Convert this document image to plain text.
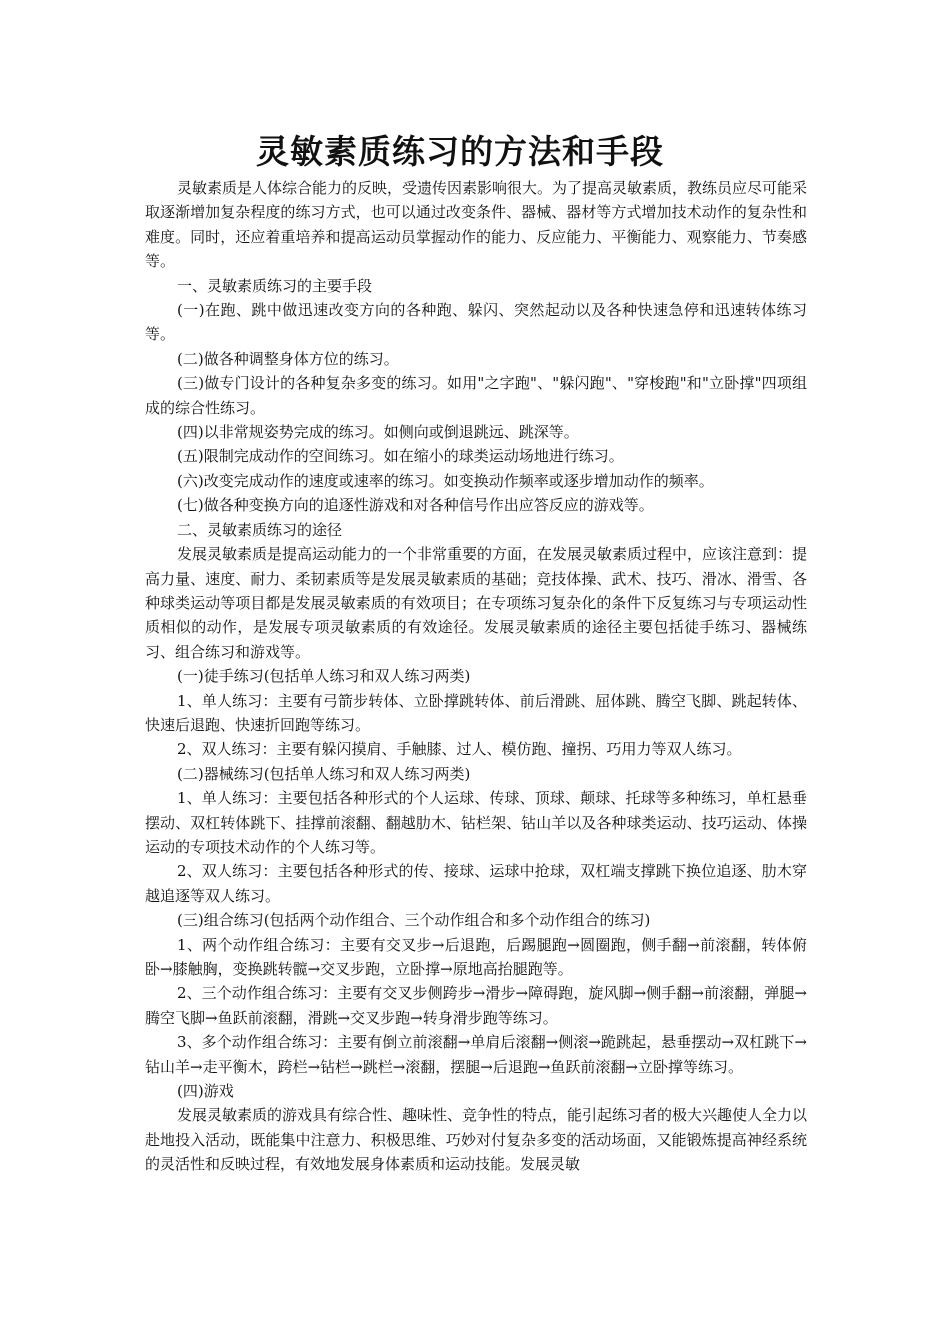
灵敏素质练习的方法和手段

灵敏素质是人体综合能力的反映，受遗传因素影响很大。为了提高灵敏素质，教练员应尽可能采取逐渐增加复杂程度的练习方式，也可以通过改变条件、器械、器材等方式增加技术动作的复杂性和难度。同时，还应着重培养和提高运动员掌握动作的能力、反应能力、平衡能力、观察能力、节奏感等。

一、灵敏素质练习的主要手段

(一)在跑、跳中做迅速改变方向的各种跑、躲闪、突然起动以及各种快速急停和迅速转体练习等。

(二)做各种调整身体方位的练习。

(三)做专门设计的各种复杂多变的练习。如用"之字跑"、"躲闪跑"、"穿梭跑"和"立卧撑"四项组成的综合性练习。

(四)以非常规姿势完成的练习。如侧向或倒退跳远、跳深等。

(五)限制完成动作的空间练习。如在缩小的球类运动场地进行练习。

(六)改变完成动作的速度或速率的练习。如变换动作频率或逐步增加动作的频率。

(七)做各种变换方向的追逐性游戏和对各种信号作出应答反应的游戏等。

二、灵敏素质练习的途径

发展灵敏素质是提高运动能力的一个非常重要的方面，在发展灵敏素质过程中，应该注意到：提高力量、速度、耐力、柔韧素质等是发展灵敏素质的基础；竞技体操、武术、技巧、滑冰、滑雪、各种球类运动等项目都是发展灵敏素质的有效项目；在专项练习复杂化的条件下反复练习与专项运动性质相似的动作，是发展专项灵敏素质的有效途径。发展灵敏素质的途径主要包括徒手练习、器械练习、组合练习和游戏等。

(一)徒手练习(包括单人练习和双人练习两类)

1、单人练习：主要有弓箭步转体、立卧撑跳转体、前后滑跳、屈体跳、腾空飞脚、跳起转体、快速后退跑、快速折回跑等练习。

2、双人练习：主要有躲闪摸肩、手触膝、过人、模仿跑、撞拐、巧用力等双人练习。

(二)器械练习(包括单人练习和双人练习两类)

1、单人练习：主要包括各种形式的个人运球、传球、顶球、颠球、托球等多种练习，单杠悬垂摆动、双杠转体跳下、挂撑前滚翻、翻越肋木、钻栏架、钻山羊以及各种球类运动、技巧运动、体操运动的专项技术动作的个人练习等。

2、双人练习：主要包括各种形式的传、接球、运球中抢球，双杠端支撑跳下换位追逐、肋木穿越追逐等双人练习。

(三)组合练习(包括两个动作组合、三个动作组合和多个动作组合的练习)

1、两个动作组合练习：主要有交叉步→后退跑，后踢腿跑→圆圈跑，侧手翻→前滚翻，转体俯卧→膝触胸，变换跳转髋→交叉步跑，立卧撑→原地高抬腿跑等。

2、三个动作组合练习：主要有交叉步侧跨步→滑步→障碍跑，旋风脚→侧手翻→前滚翻，弹腿→腾空飞脚→鱼跃前滚翻，滑跳→交叉步跑→转身滑步跑等练习。

3、多个动作组合练习：主要有倒立前滚翻→单肩后滚翻→侧滚→跪跳起，悬垂摆动→双杠跳下→钻山羊→走平衡木，跨栏→钻栏→跳栏→滚翻，摆腿→后退跑→鱼跃前滚翻→立卧撑等练习。

(四)游戏

发展灵敏素质的游戏具有综合性、趣味性、竞争性的特点，能引起练习者的极大兴趣使人全力以赴地投入活动，既能集中注意力、积极思维、巧妙对付复杂多变的活动场面，又能锻炼提高神经系统的灵活性和反映过程，有效地发展身体素质和运动技能。发展灵敏
